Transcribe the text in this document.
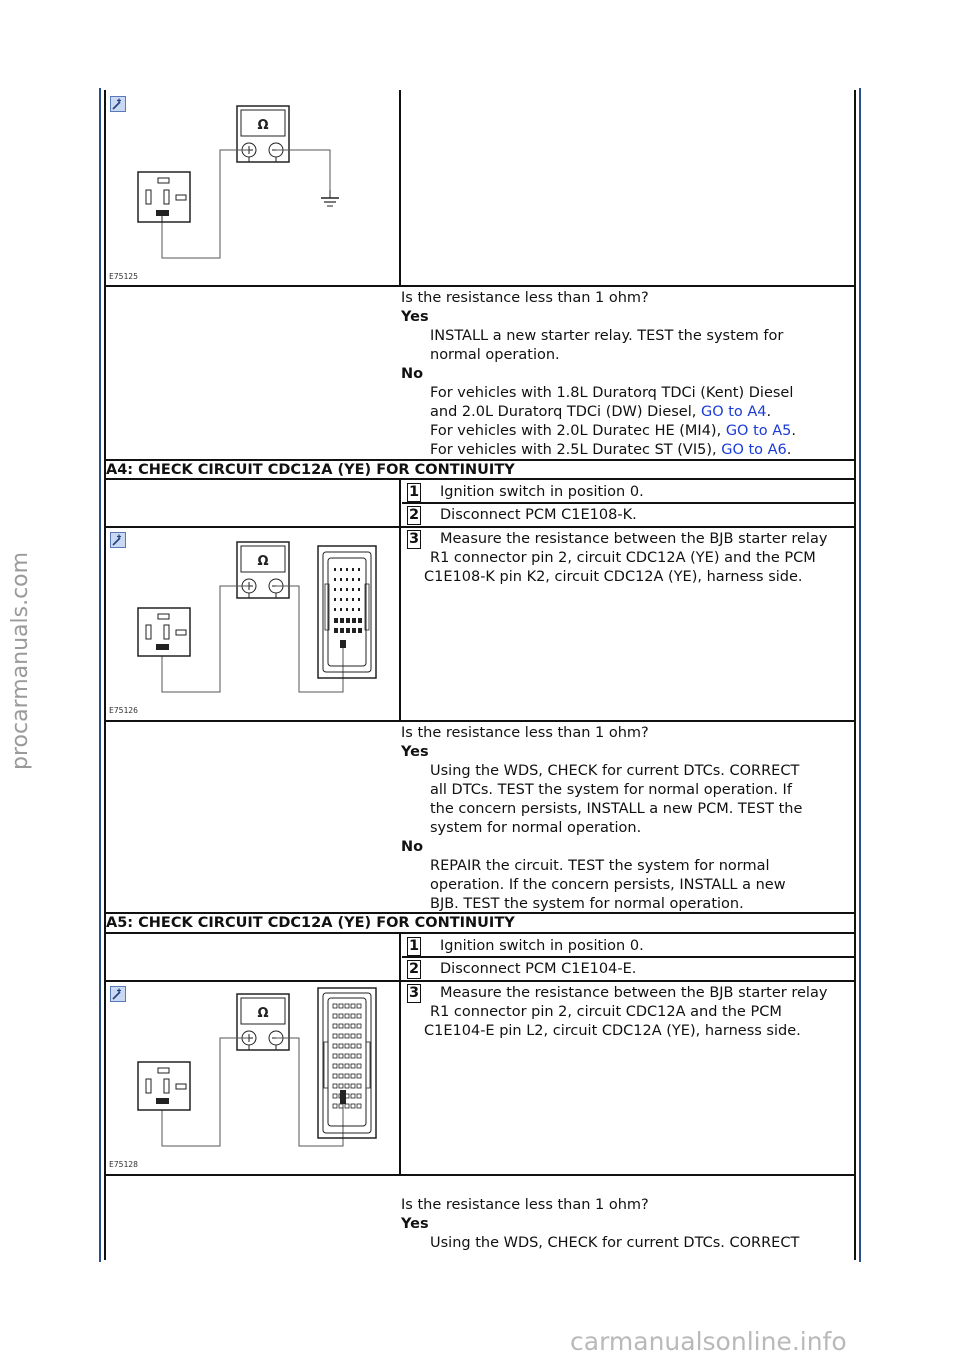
procarmanuals.com
carmanualsonline.info
Ω
E75125
Is the resistance less than 1 ohm?
Yes
INSTALL a new starter relay. TEST the system for
normal operation.
No
For vehicles with 1.8L Duratorq TDCi (Kent) Diesel
and 2.0L Duratorq TDCi (DW) Diesel, GO to A4.
For vehicles with 2.0L Duratec HE (MI4), GO to A5.
For vehicles with 2.5L Duratec ST (VI5), GO to A6.
A4: CHECK CIRCUIT CDC12A (YE) FOR CONTINUITY
1 Ignition switch in position 0.
2 Disconnect PCM C1E108-K.
3 Measure the resistance between the BJB starter relay
R1 connector pin 2, circuit CDC12A (YE) and the PCM
C1E108-K pin K2, circuit CDC12A (YE), harness side.
Ω
E75126
Is the resistance less than 1 ohm?
Yes
Using the WDS, CHECK for current DTCs. CORRECT
all DTCs. TEST the system for normal operation. If
the concern persists, INSTALL a new PCM. TEST the
system for normal operation.
No
REPAIR the circuit. TEST the system for normal
operation. If the concern persists, INSTALL a new
BJB. TEST the system for normal operation.
A5: CHECK CIRCUIT CDC12A (YE) FOR CONTINUITY
1 Ignition switch in position 0.
2 Disconnect PCM C1E104-E.
3 Measure the resistance between the BJB starter relay
R1 connector pin 2, circuit CDC12A and the PCM
C1E104-E pin L2, circuit CDC12A (YE), harness side.
Ω
E75128
Is the resistance less than 1 ohm?
Yes
Using the WDS, CHECK for current DTCs. CORRECT
